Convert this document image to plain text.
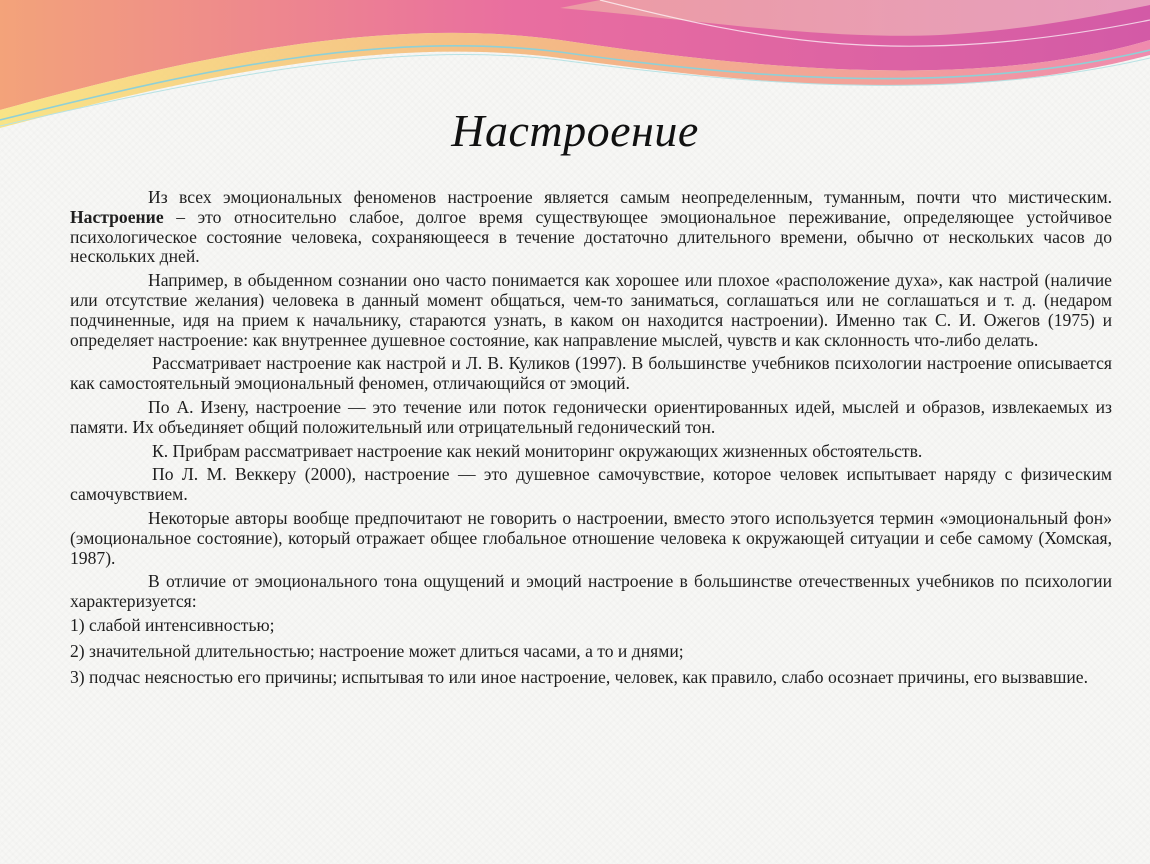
Настроение

Из всех эмоциональных феноменов настроение является самым неопределенным, туманным, почти что мистическим. Настроение – это относительно слабое, долгое время существующее эмоциональное переживание, определяющее устойчивое психологическое состояние человека, сохраняющееся в течение достаточно длительного времени, обычно от нескольких часов до нескольких дней.

Например, в обыденном сознании оно часто понимается как хорошее или плохое «расположение духа», как настрой (наличие или отсутствие желания) человека в данный момент общаться, чем-то заниматься, соглашаться или не соглашаться и т. д. (недаром подчиненные, идя на прием к начальнику, стараются узнать, в каком он находится настроении). Именно так С. И. Ожегов (1975) и определяет настроение: как внутреннее душевное состояние, как направление мыслей, чувств и как склонность что-либо делать.

Рассматривает настроение как настрой и Л. В. Куликов (1997). В большинстве учебников психологии настроение описывается как самостоятельный эмоциональный феномен, отличающийся от эмоций.

По А. Изену, настроение — это течение или поток гедонически ориентированных идей, мыслей и образов, извлекаемых из памяти. Их объединяет общий положительный или отрицательный гедонический тон.

К. Прибрам рассматривает настроение как некий мониторинг окружающих жизненных обстоятельств.

По Л. М. Веккеру (2000), настроение — это душевное самочувствие, которое человек испытывает наряду с физическим самочувствием.

Некоторые авторы вообще предпочитают не говорить о настроении, вместо этого используется термин «эмоциональный фон» (эмоциональное состояние), который отражает общее глобальное отношение человека к окружающей ситуации и себе самому (Хомская, 1987).

В отличие от эмоционального тона ощущений и эмоций настроение в большинстве отечественных учебников по психологии характеризуется:

1) слабой интенсивностью;

2) значительной длительностью; настроение может длиться часами, а то и днями;

3) подчас неясностью его причины; испытывая то или иное настроение, человек, как правило, слабо осознает причины, его вызвавшие.
